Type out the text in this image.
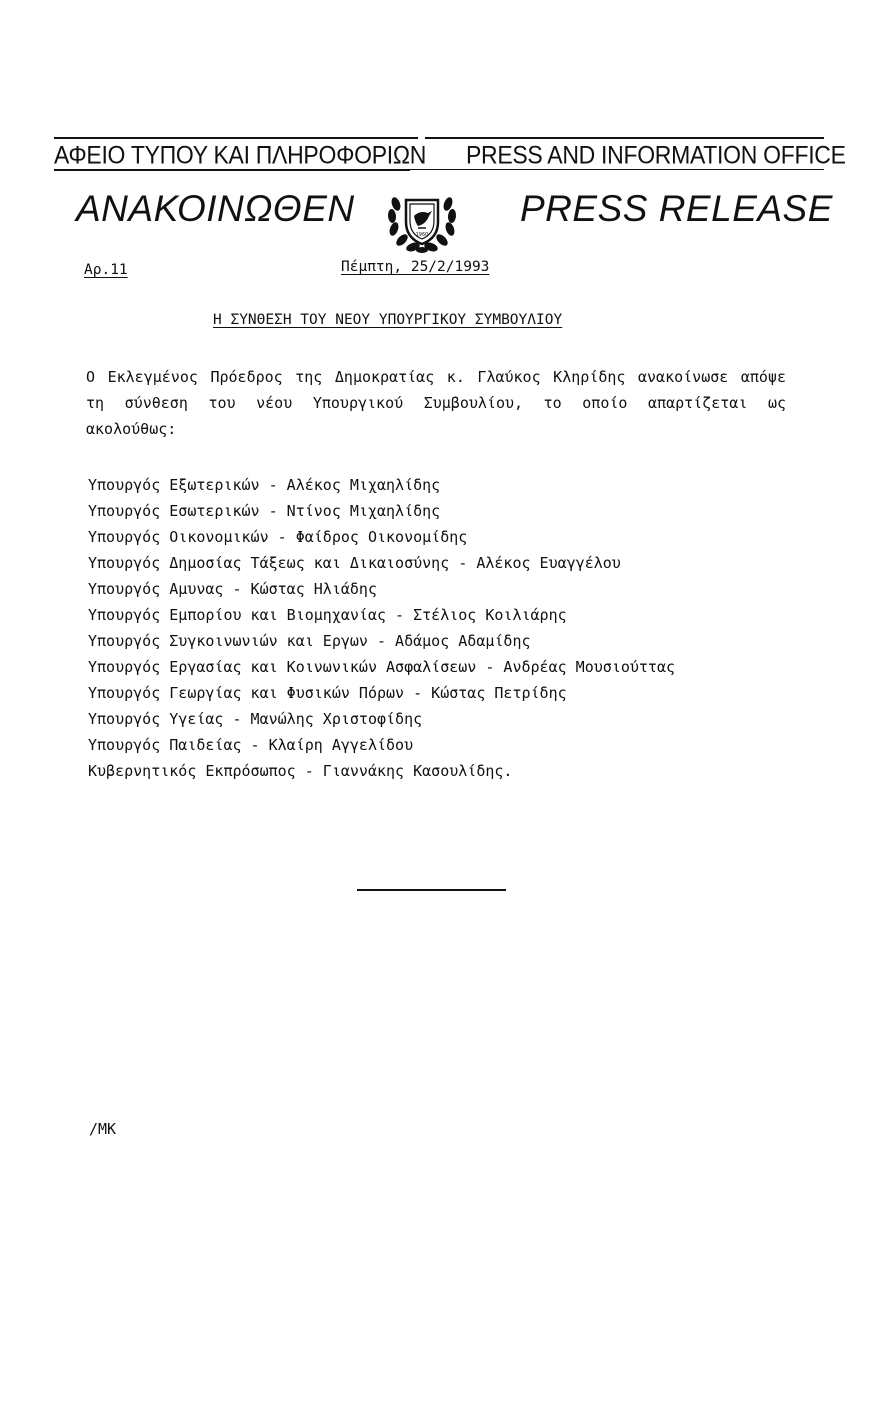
ΑΦΕΙΟ ΤΥΠΟΥ ΚΑΙ ΠΛΗΡΟΦΟΡΙΩΝ PRESS AND INFORMATION OFFICE
ΑΝΑΚΟΙΝΩΘΕΝ	PRESS RELEASE
1960
Αρ.11	Πέμπτη, 25/2/1993
Η ΣΥΝΘΕΣΗ ΤΟΥ ΝΕΟΥ ΥΠΟΥΡΓΙΚΟΥ ΣΥΜΒΟΥΛΙΟΥ
Ο Εκλεγμένος Πρόεδρος της Δημοκρατίας κ. Γλαύκος Κληρίδης ανακοίνωσε απόψε τη σύνθεση του νέου Υπουργικού Συμβουλίου, το οποίο απαρτίζεται ως ακολούθως:
Υπουργός Εξωτερικών - Αλέκος Μιχαηλίδης
Υπουργός Εσωτερικών - Ντίνος Μιχαηλίδης
Υπουργός Οικονομικών - Φαίδρος Οικονομίδης
Υπουργός Δημοσίας Τάξεως και Δικαιοσύνης - Αλέκος Ευαγγέλου
Υπουργός Αμυνας - Κώστας Ηλιάδης
Υπουργός Εμπορίου και Βιομηχανίας - Στέλιος Κοιλιάρης
Υπουργός Συγκοινωνιών και Εργων - Αδάμος Αδαμίδης
Υπουργός Εργασίας και Κοινωνικών Ασφαλίσεων - Ανδρέας Μουσιούττας
Υπουργός Γεωργίας και Φυσικών Πόρων - Κώστας Πετρίδης
Υπουργός Υγείας - Μανώλης Χριστοφίδης
Υπουργός Παιδείας - Κλαίρη Αγγελίδου
Κυβερνητικός Εκπρόσωπος - Γιαννάκης Κασουλίδης.
/ΜΚ
